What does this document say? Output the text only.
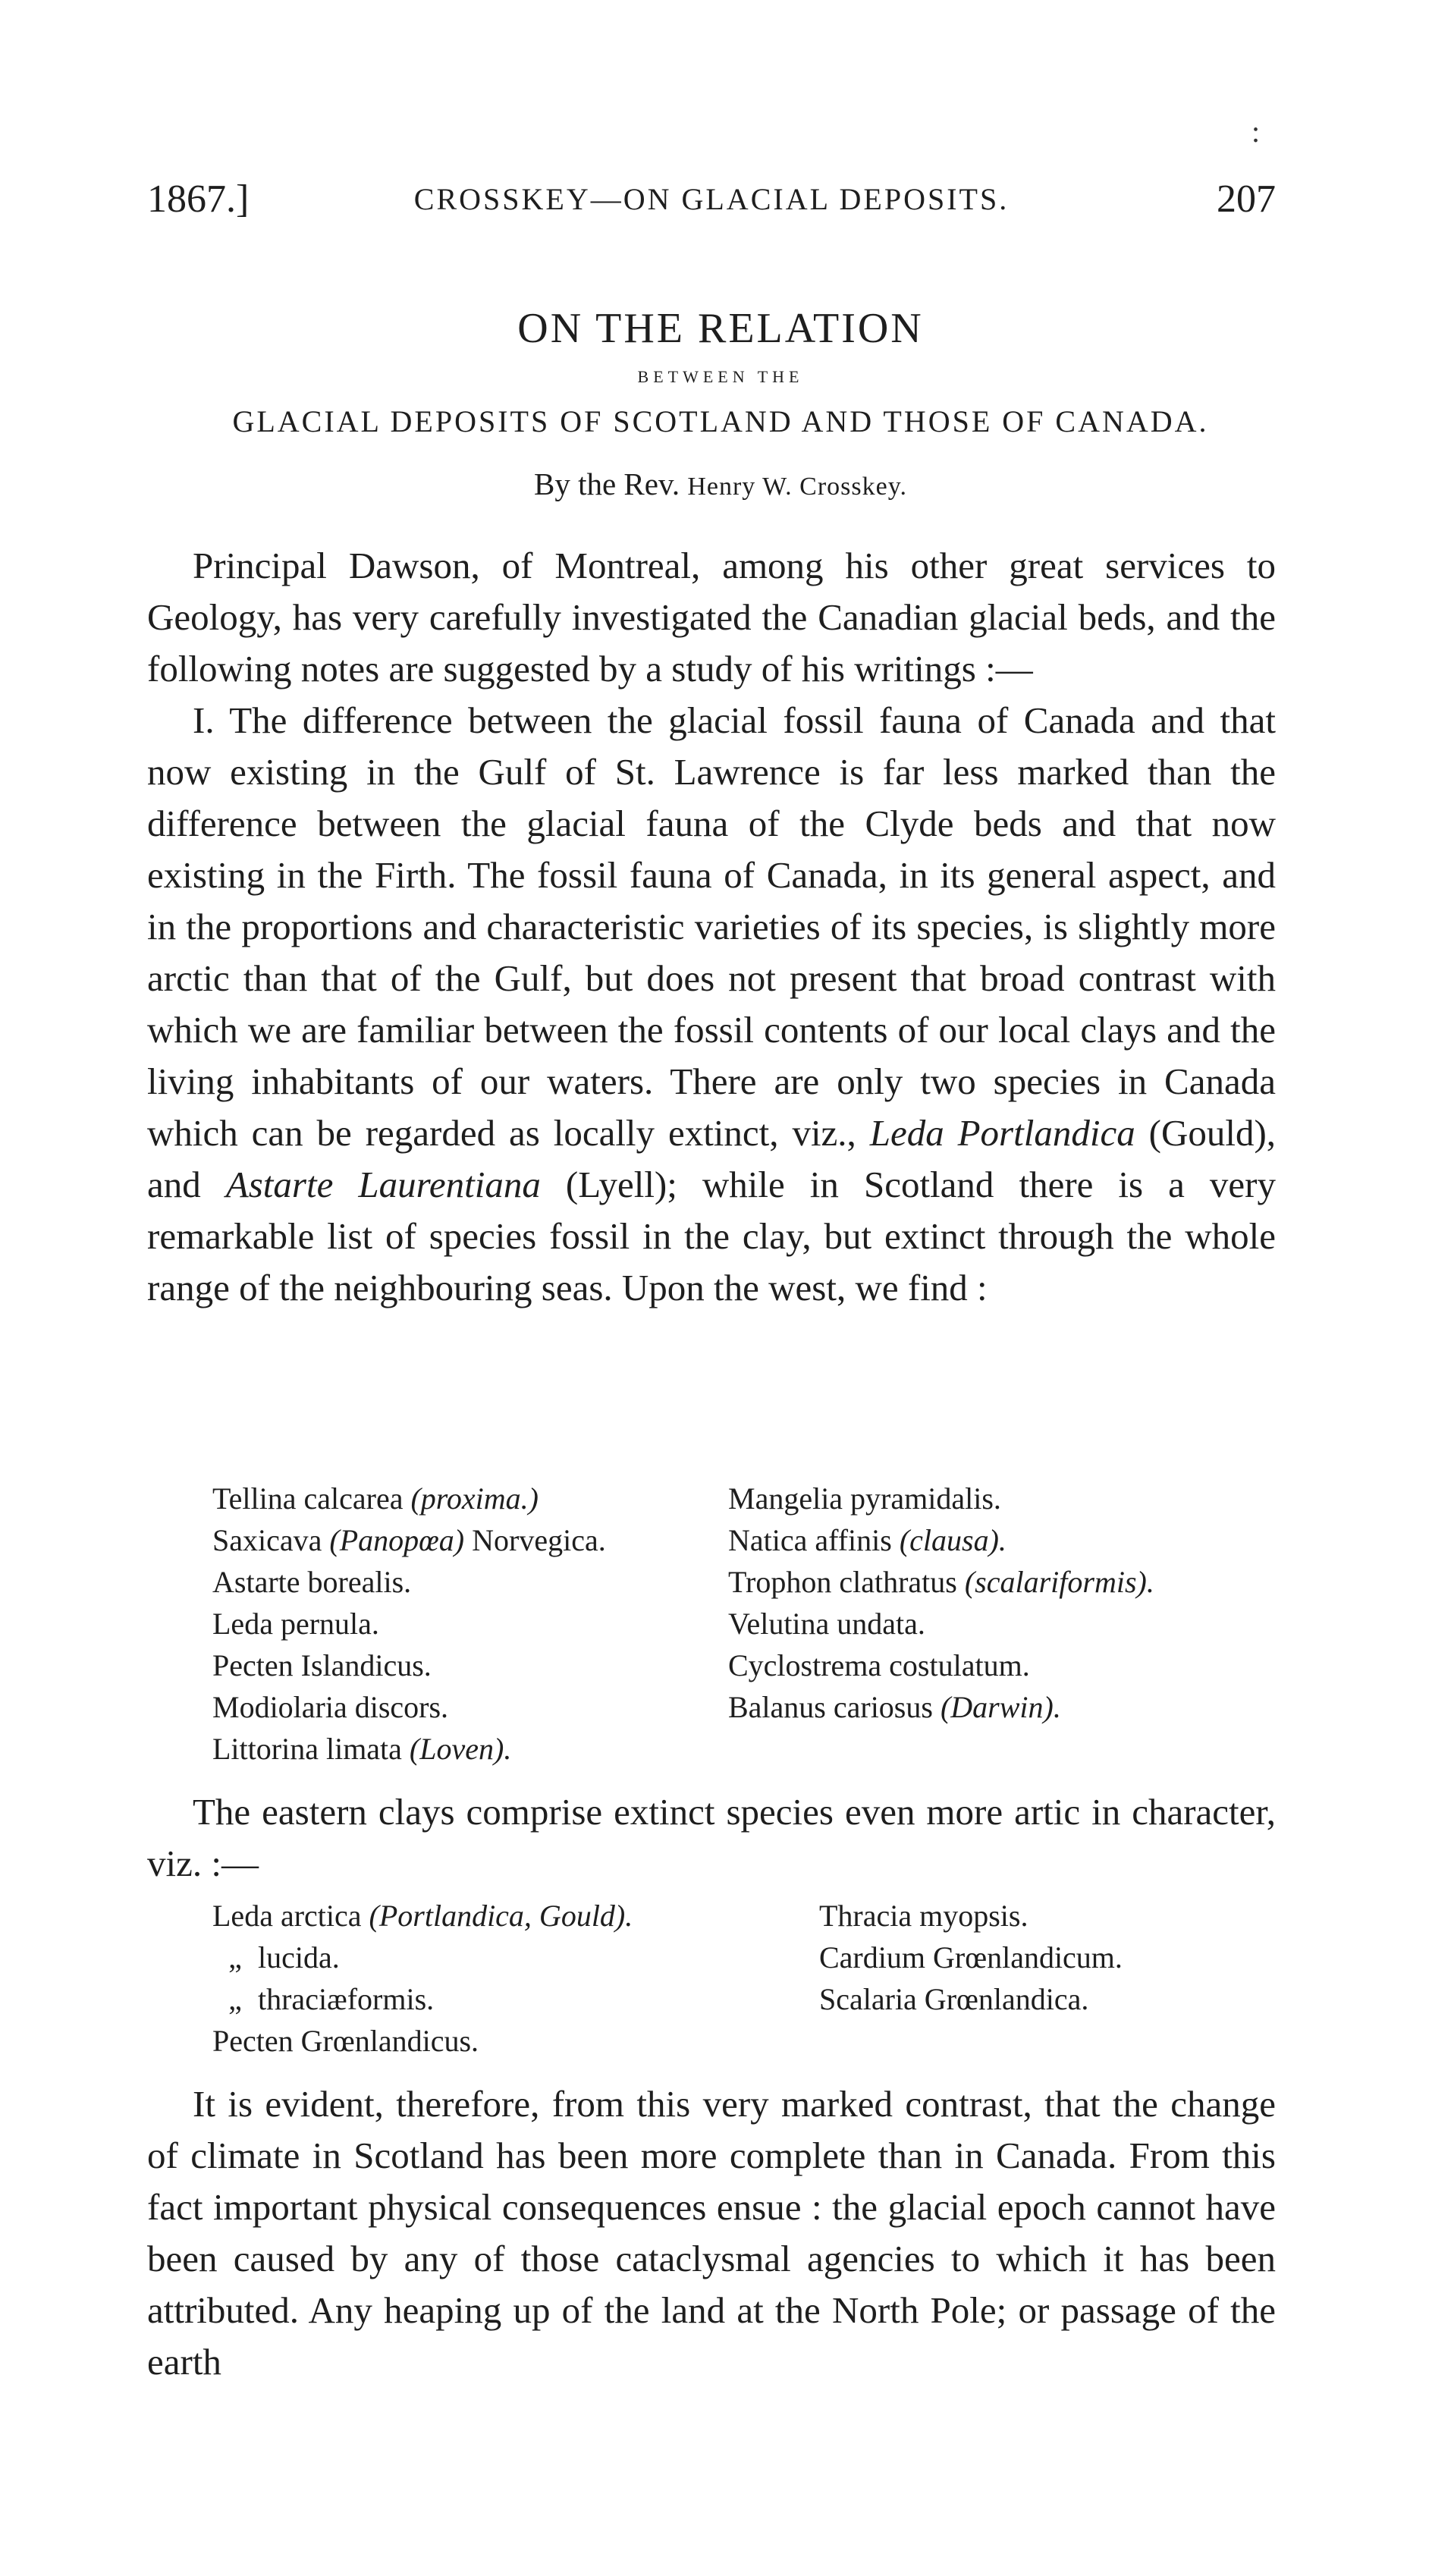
1867.]	CROSSKEY—ON GLACIAL DEPOSITS.	207
ON THE RELATION
BETWEEN THE
GLACIAL DEPOSITS OF SCOTLAND AND THOSE OF CANADA.
By the Rev. Henry W. Crosskey.

Principal Dawson, of Montreal, among his other great services to Geology, has very carefully investigated the Canadian glacial beds, and the following notes are suggested by a study of his writings :—

I. The difference between the glacial fossil fauna of Canada and that now existing in the Gulf of St. Lawrence is far less marked than the difference between the glacial fauna of the Clyde beds and that now existing in the Firth. The fossil fauna of Canada, in its general aspect, and in the proportions and characteristic varieties of its species, is slightly more arctic than that of the Gulf, but does not present that broad contrast with which we are familiar between the fossil contents of our local clays and the living inhabitants of our waters. There are only two species in Canada which can be regarded as locally extinct, viz., Leda Portlandica (Gould), and Astarte Laurentiana (Lyell); while in Scotland there is a very remarkable list of species fossil in the clay, but extinct through the whole range of the neighbouring seas. Upon the west, we find :

Tellina calcarea (proxima.)
Saxicava (Panopœa) Norvegica.
Astarte borealis.
Leda pernula.
Pecten Islandicus.
Modiolaria discors.
Littorina limata (Loven).
Mangelia pyramidalis.
Natica affinis (clausa).
Trophon clathratus (scalariformis).
Velutina undata.
Cyclostrema costulatum.
Balanus cariosus (Darwin).

The eastern clays comprise extinct species even more artic in character, viz. :—

Leda arctica (Portlandica, Gould).
„ lucida.
„ thraciæformis.
Pecten Grœnlandicus.
Thracia myopsis.
Cardium Grœnlandicum.
Scalaria Grœnlandica.

It is evident, therefore, from this very marked contrast, that the change of climate in Scotland has been more complete than in Canada. From this fact important physical consequences ensue : the glacial epoch cannot have been caused by any of those cataclysmal agencies to which it has been attributed. Any heaping up of the land at the North Pole; or passage of the earth

:
